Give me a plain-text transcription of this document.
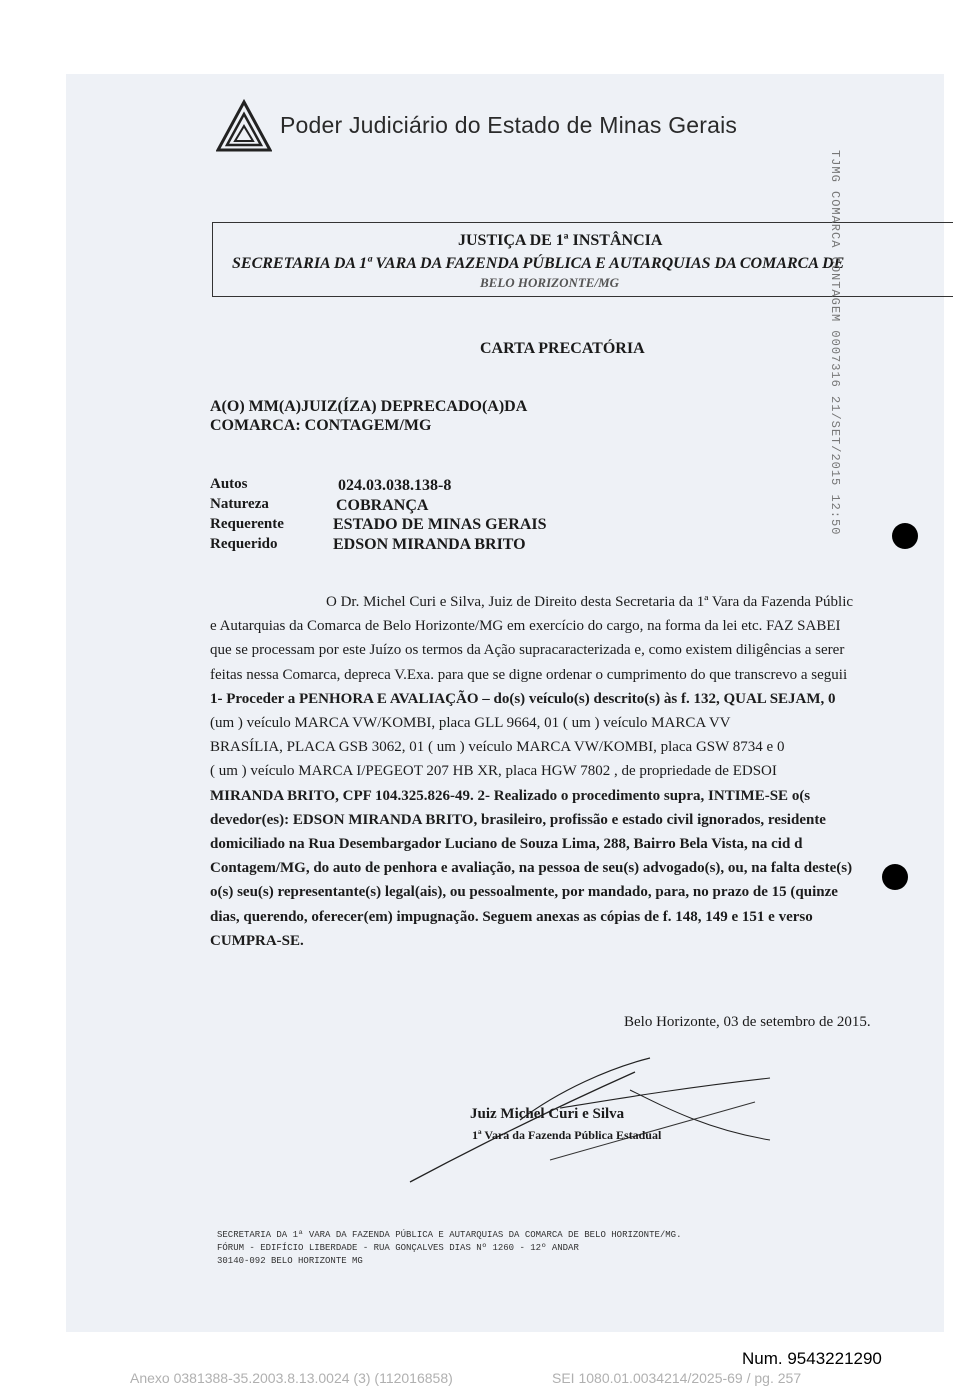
Poder Judiciário do Estado de Minas Gerais
JUSTIÇA DE 1ª INSTÂNCIA
SECRETARIA DA 1ª VARA DA FAZENDA PÚBLICA E AUTARQUIAS DA COMARCA DE
BELO HORIZONTE/MG	TJMG COMARCA CONTAGEM 0007316 21/SET/2015 12:50
CARTA PRECATÓRIA
A(O) MM(A)JUIZ(ÍZA) DEPRECADO(A)DA
COMARCA: CONTAGEM/MG
Autos	024.03.038.138-8
Natureza	COBRANÇA
Requerente	ESTADO DE MINAS GERAIS
Requerido	EDSON MIRANDA BRITO

O Dr. Michel Curi e Silva, Juiz de Direito desta Secretaria da 1ª Vara da Fazenda Públic

e Autarquias da Comarca de Belo Horizonte/MG em exercício do cargo, na forma da lei etc. FAZ SABEI

que se processam por este Juízo os termos da Ação supracaracterizada e, como existem diligências a serer

feitas nessa Comarca, depreca V.Exa. para que se digne ordenar o cumprimento do que transcrevo a seguii

1- Proceder a PENHORA E AVALIAÇÃO – do(s) veículo(s) descrito(s) às f. 132, QUAL SEJAM, 0

(um ) veículo MARCA VW/KOMBI, placa GLL 9664, 01 ( um ) veículo MARCA VV

BRASÍLIA, PLACA GSB 3062, 01 ( um ) veículo MARCA VW/KOMBI, placa GSW 8734 e 0

( um ) veículo MARCA I/PEGEOT 207 HB XR, placa HGW 7802 , de propriedade de EDSOI

MIRANDA BRITO, CPF 104.325.826-49. 2- Realizado o procedimento supra, INTIME-SE o(s

devedor(es): EDSON MIRANDA BRITO, brasileiro, profissão e estado civil ignorados, residente

domiciliado na Rua Desembargador Luciano de Souza Lima, 288, Bairro Bela Vista, na cid d

Contagem/MG, do auto de penhora e avaliação, na pessoa de seu(s) advogado(s), ou, na falta deste(s)

o(s) seu(s) representante(s) legal(ais), ou pessoalmente, por mandado, para, no prazo de 15 (quinze

dias, querendo, oferecer(em) impugnação. Seguem anexas as cópias de f. 148, 149 e 151 e verso

CUMPRA-SE.

Belo Horizonte, 03 de setembro de 2015.
Juiz Michel Curi e Silva
1ª Vara da Fazenda Pública Estadual
SECRETARIA DA 1ª VARA DA FAZENDA PÚBLICA E AUTARQUIAS DA COMARCA DE BELO HORIZONTE/MG.
FÓRUM - EDIFÍCIO LIBERDADE - RUA GONÇALVES DIAS Nº 1260 - 12º ANDAR
30140-092 BELO HORIZONTE MG
Num. 9543221290
Anexo 0381388-35.2003.8.13.0024 (3) (112016858)	SEI 1080.01.0034214/2025-69 / pg. 257
